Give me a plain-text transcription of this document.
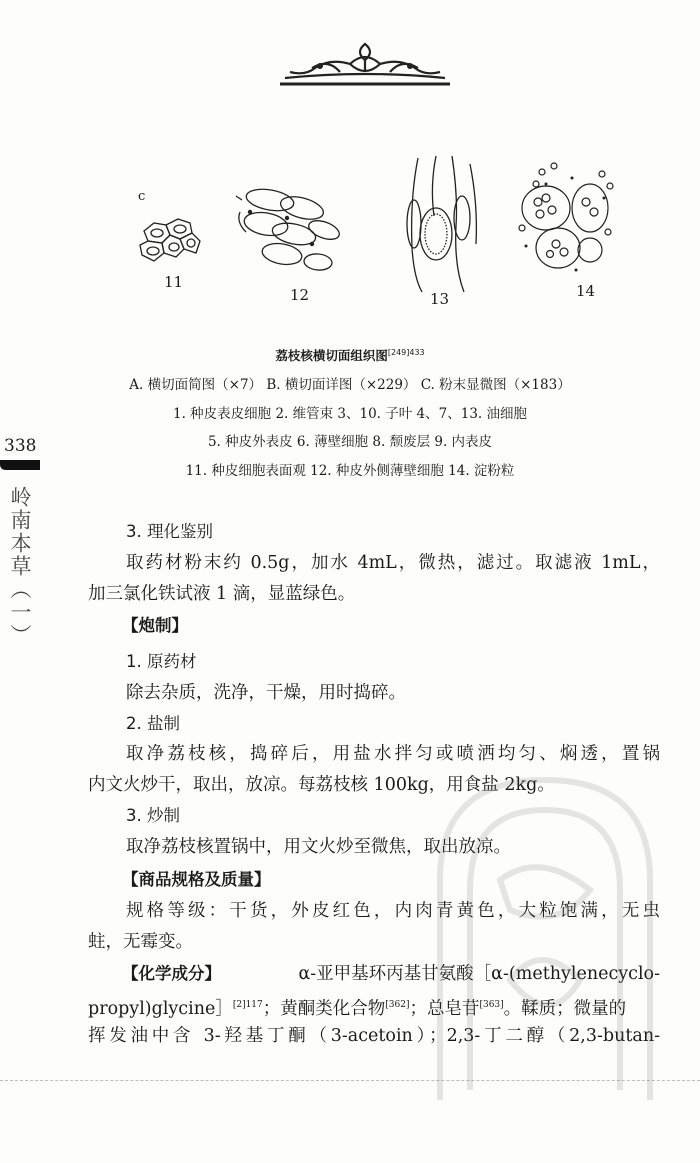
c
11
12	13	14
荔枝核横切面组织图$^{[249]433}$
A. 横切面简图（×7） B. 横切面详图（×229） C. 粉末显微图（×183）
1. 种皮表皮细胞 2. 维管束 3、10. 子叶 4、7、13. 油细胞
5. 种皮外表皮 6. 薄壁细胞 8. 颓废层 9. 内表皮
11. 种皮细胞表面观 12. 种皮外侧薄壁细胞 14. 淀粉粒
338
岭南本草（一）	3. 理化鉴别
取药材粉末约 0.5g，加水 4mL，微热，滤过。取滤液 1mL，
加三氯化铁试液 1 滴，显蓝绿色。
【炮制】
1. 原药材
除去杂质，洗净，干燥，用时捣碎。
2. 盐制
取净荔枝核，捣碎后，用盐水拌匀或喷洒均匀、焖透，置锅
内文火炒干，取出，放凉。每荔枝核 100kg，用食盐 2kg。
3. 炒制
取净荔枝核置锅中，用文火炒至微焦，取出放凉。
【商品规格及质量】
规格等级：干货，外皮红色，内肉青黄色，大粒饱满，无虫
蛀，无霉变。
【化学成分】	α-亚甲基环丙基甘氨酸［α-(methylenecyclo-
propyl)glycine］$^{[2]117}$；黄酮类化合物[362]；总皂苷[363]。鞣质；微量的
挥发油中含 3-羟基丁酮（3-acetoin）；2,3-丁二醇（2,3-butan-
